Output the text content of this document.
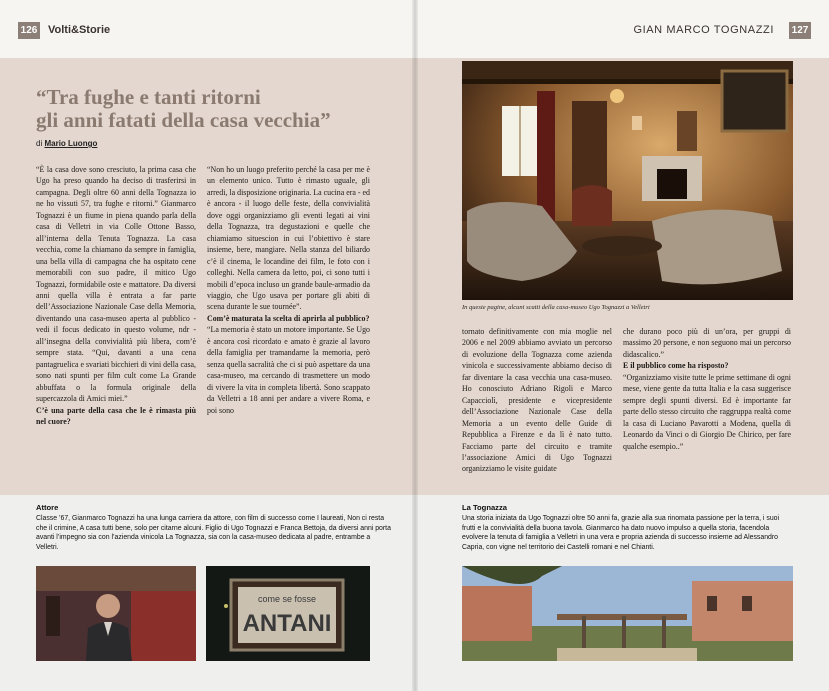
126 Volti&Storie	GIAN MARCO TOGNAZZI 127
“Tra fughe e tanti ritorni
gli anni fatati della casa vecchia”
di Mario Luongo

“È la casa dove sono cresciuto, la prima casa che Ugo ha preso quando ha deciso di trasferirsi in campagna. Degli oltre 60 anni della Tognazza io ne ho vissuti 57, tra fughe e ritorni.” Gianmarco Tognazzi è un fiume in piena quando parla della casa di Velletri in via Colle Ottone Basso, all’interna della Tenuta Tognazza. La casa vecchia, come la chiamano da sempre in famiglia, una bella villa di campagna che ha ospitato cene memorabili con suo padre, il mitico Ugo Tognazzi, formidabile oste e mattatore. Da diversi anni quella villa è entrata a far parte dell’Associazione Nazionale Case della Memoria, diventando una casa-museo aperta al pubblico - vedi il focus dedicato in questo volume, ndr - all’insegna della convivialità più libera, com’è sempre stata. “Qui, davanti a una cena pantagruelica e svariati bicchieri di vini della casa, sono nati spunti per film cult come La Grande abbuffata o la formula originale della supercazzola di Amici miei.”

C’è una parte della casa che le è rimasta più nel cuore?

“Non ho un luogo preferito perché la casa per me è un elemento unico. Tutto è rimasto uguale, gli arredi, la disposizione originaria. La cucina era - ed è ancora - il luogo delle feste, della convivialità dove oggi organizziamo gli eventi legati ai vini della Tognazza, tra degustazioni e quelle che chiamiamo situescion in cui l’obiettivo è stare insieme, bere, mangiare. Nella stanza del biliardo c’è il cinema, le locandine dei film, le foto con i colleghi. Nella camera da letto, poi, ci sono tutti i mobili d’epoca incluso un grande baule-armadio da viaggio, che Ugo usava per portare gli abiti di scena durante le sue tournée”.

Com’è maturata la scelta di aprirla al pubblico?

“La memoria è stato un motore importante. Se Ugo è ancora così ricordato e amato è grazie al lavoro della famiglia per tramandarne la memoria, però senza quella sacralità che ci si può aspettare da una casa-museo, ma cercando di trasmettere un modo di vivere la vita in completa libertà. Sono scappato da Velletri a 18 anni per andare a vivere Roma, e poi sono

tornato definitivamente con mia moglie nel 2006 e nel 2009 abbiamo avviato un percorso di evoluzione della Tognazza come azienda vinicola e successivamente abbiamo deciso di far diventare la casa vecchia una casa-museo. Ho conosciuto Adriano Rigoli e Marco Capacciolì, presidente e vicepresidente dell’Associazione Nazionale Case della Memoria a un evento delle Guide di Repubblica a Firenze e da lì è nato tutto. Facciamo parte del circuito e tramite l’associazione Amici di Ugo Tognazzi organizziamo le visite guidate

che durano poco più di un’ora, per gruppi di massimo 20 persone, e non seguono mai un percorso didascalico.”

E il pubblico come ha risposto?

“Organizziamo visite tutte le prime settimane di ogni mese, viene gente da tutta Italia e la casa suggerisce sempre degli spunti diversi. Ed è importante far parte dello stesso circuito che raggruppa realtà come la casa di Luciano Pavarotti a Modena, quella di Leonardo da Vinci o di Giorgio De Chirico, per fare qualche esempio..”

In queste pagine, alcuni scatti della casa-museo Ugo Tognazzi a Velletri
Attore
Classe ’67, Gianmarco Tognazzi ha una lunga carriera da attore, con film di successo come I laureati, Non ci resta che il crimine, A casa tutti bene, solo per citarne alcuni. Figlio di Ugo Tognazzi e Franca Bettoja, da diversi anni porta avanti l’impegno sia con l’azienda vinicola La Tognazza, sia con la casa-museo dedicata al padre, entrambe a Velletri.
La Tognazza
Una storia iniziata da Ugo Tognazzi oltre 50 anni fa, grazie alla sua rinomata passione per la terra, i suoi frutti e la convivialità della buona tavola. Gianmarco ha dato nuovo impulso a quella storia, facendola evolvere la tenuta di famiglia a Velletri in una vera e propria azienda di successo insieme ad Alessandro Capria, con vigne nel territorio dei Castelli romani e nel Chianti.
come se fosse
ANTANI
